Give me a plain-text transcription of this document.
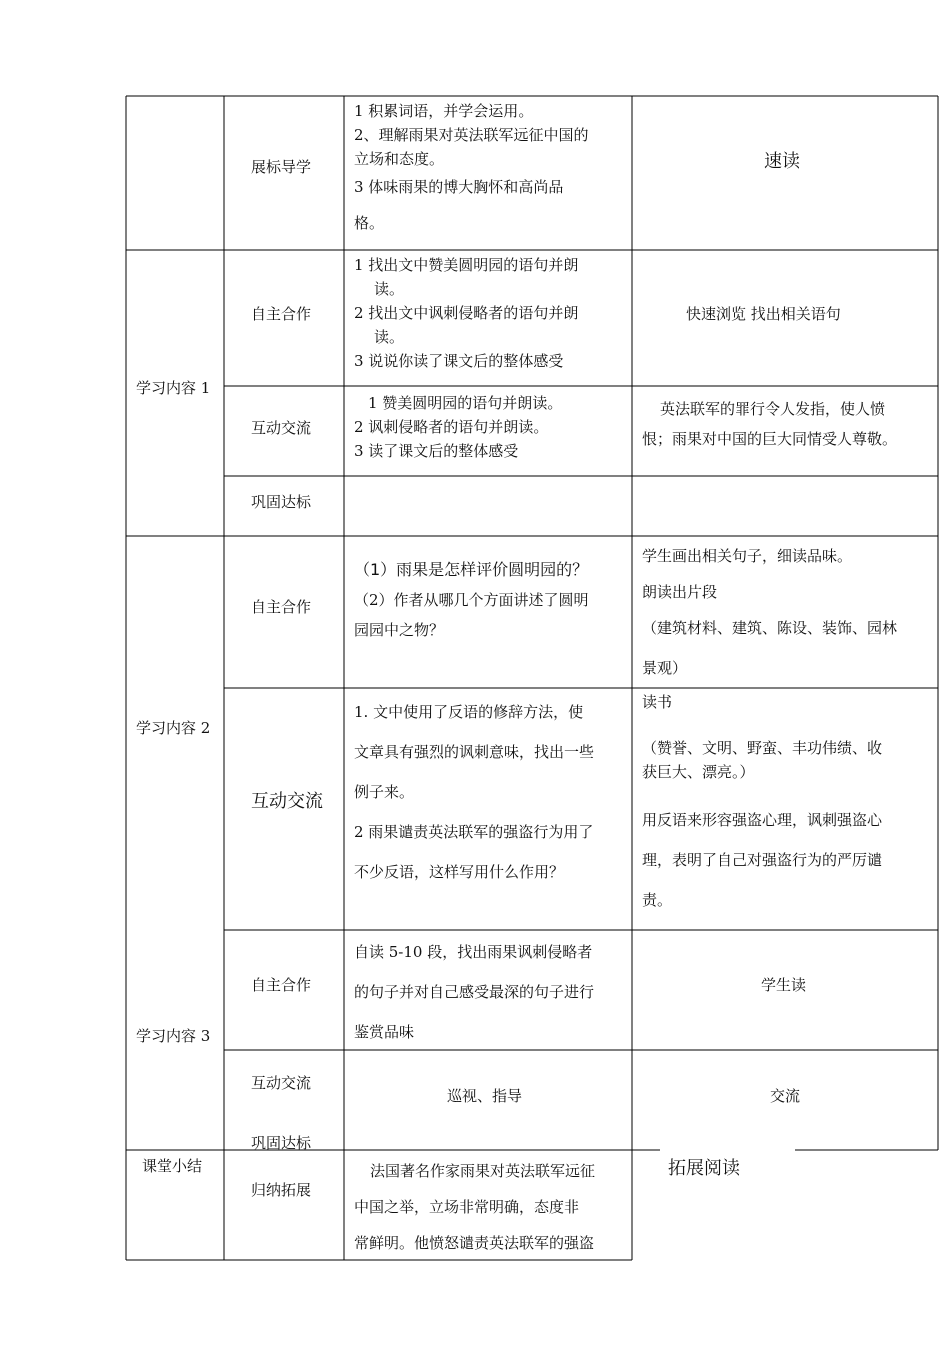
展标导学
1 积累词语，并学会运用。
2、理解雨果对英法联军远征中国的
立场和态度。
3 体味雨果的博大胸怀和高尚品
格。
速读
学习内容 1
自主合作
1 找出文中赞美圆明园的语句并朗
读。
2 找出文中讽刺侵略者的语句并朗
读。
3 说说你读了课文后的整体感受
快速浏览 找出相关语句
互动交流
1 赞美圆明园的语句并朗读。
2 讽刺侵略者的语句并朗读。
3 读了课文后的整体感受
英法联军的罪行令人发指，使人愤
恨；雨果对中国的巨大同情受人尊敬。
巩固达标
学习内容 2
自主合作
（1）雨果是怎样评价圆明园的？
（2）作者从哪几个方面讲述了圆明
园园中之物？
学生画出相关句子，细读品味。
朗读出片段
（建筑材料、建筑、陈设、装饰、园林
景观）
互动交流
1. 文中使用了反语的修辞方法，使
文章具有强烈的讽刺意味，找出一些
例子来。
2 雨果谴责英法联军的强盗行为用了
不少反语，这样写用什么作用？
读书
（赞誉、文明、野蛮、丰功伟绩、收
获巨大、漂亮。）
用反语来形容强盗心理，讽刺强盗心
理，表明了自己对强盗行为的严厉谴
责。
学习内容 3
自主合作
自读 5-10 段，找出雨果讽刺侵略者
的句子并对自己感受最深的句子进行
鉴赏品味
学生读
互动交流
巩固达标
巡视、指导	交流
课堂小结
归纳拓展
法国著名作家雨果对英法联军远征
中国之举，立场非常明确，态度非
常鲜明。他愤怒谴责英法联军的强盗
拓展阅读
